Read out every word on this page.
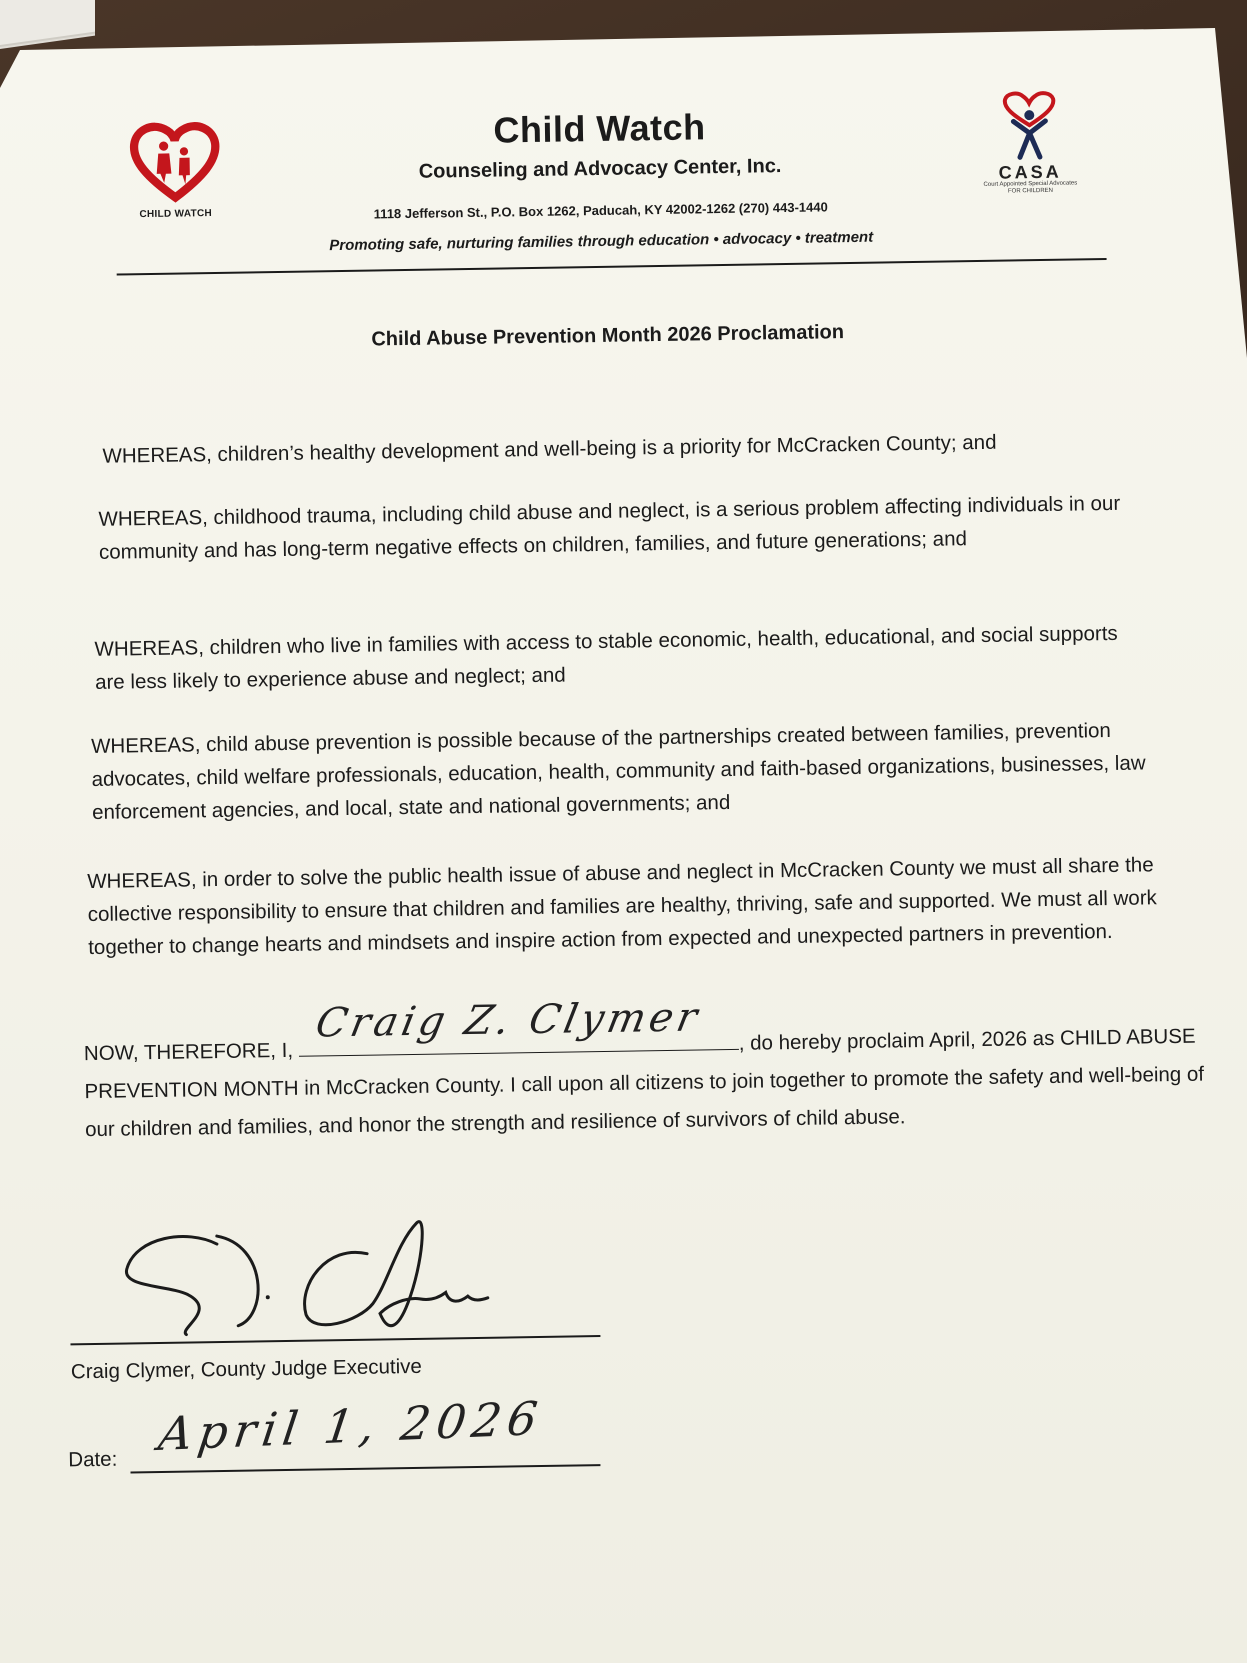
CHILD WATCH
Child Watch
Counseling and Advocacy Center, Inc.
1118 Jefferson St., P.O. Box 1262, Paducah, KY 42002-1262 (270) 443-1440
Promoting safe, nurturing families through education • advocacy • treatment
CASA
Court Appointed Special Advocates
FOR CHILDREN
Child Abuse Prevention Month 2026 Proclamation
WHEREAS, children’s healthy development and well-being is a priority for McCracken County; and
WHEREAS, childhood trauma, including child abuse and neglect, is a serious problem affecting individuals in our community and has long-term negative effects on children, families, and future generations; and
WHEREAS, children who live in families with access to stable economic, health, educational, and social supports are less likely to experience abuse and neglect; and
WHEREAS, child abuse prevention is possible because of the partnerships created between families, prevention advocates, child welfare professionals, education, health, community and faith-based organizations, businesses, law enforcement agencies, and local, state and national governments; and
WHEREAS, in order to solve the public health issue of abuse and neglect in McCracken County we must all share the collective responsibility to ensure that children and families are healthy, thriving, safe and supported. We must all work together to change hearts and mindsets and inspire action from expected and unexpected partners in prevention.
NOW, THEREFORE, I,
Craig Z. Clymer , do hereby proclaim April, 2026 as CHILD ABUSE PREVENTION MONTH in McCracken County. I call upon all citizens to join together to promote the safety and well-being of our children and families, and honor the strength and resilience of survivors of child abuse.
Craig Clymer, County Judge Executive
Date: April 1, 2026
